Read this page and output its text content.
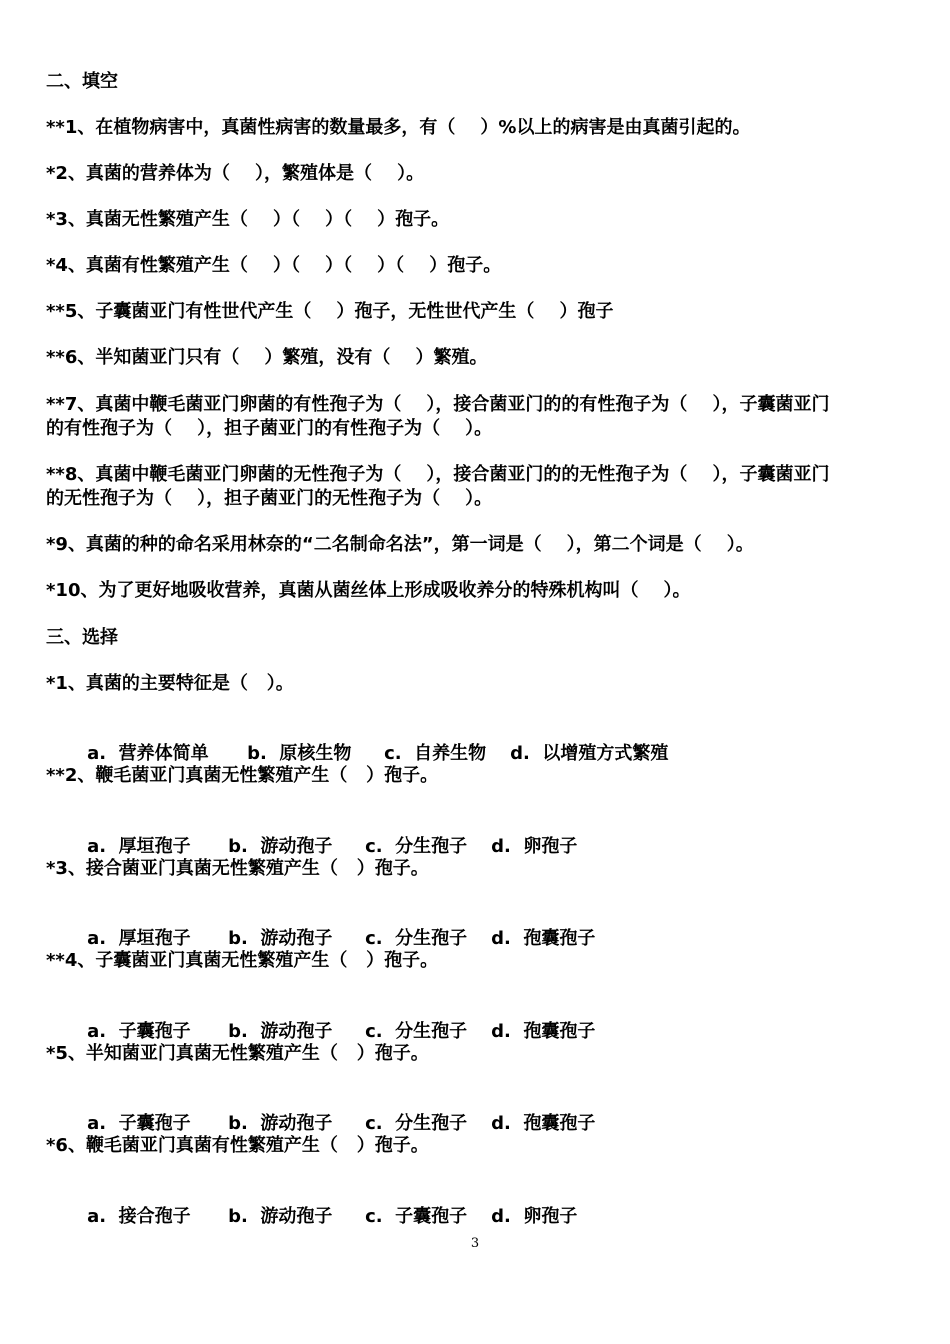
二、填空
**1、在植物病害中，真菌性病害的数量最多，有（    ）%以上的病害是由真菌引起的。
*2、真菌的营养体为（    ），繁殖体是（    ）。
*3、真菌无性繁殖产生（    ）（    ）（    ）孢子。
*4、真菌有性繁殖产生（    ）（    ）（    ）（    ）孢子。
**5、子囊菌亚门有性世代产生（    ）孢子，无性世代产生（    ）孢子
**6、半知菌亚门只有（    ）繁殖，没有（    ）繁殖。
**7、真菌中鞭毛菌亚门卵菌的有性孢子为（    ），接合菌亚门的的有性孢子为（    ），子囊菌亚门
的有性孢子为（    ），担子菌亚门的有性孢子为（    ）。
**8、真菌中鞭毛菌亚门卵菌的无性孢子为（    ），接合菌亚门的的无性孢子为（    ），子囊菌亚门
的无性孢子为（    ），担子菌亚门的无性孢子为（    ）。
*9、真菌的种的命名采用林奈的“二名制命名法”，第一词是（    ），第二个词是（    ）。
*10、为了更好地吸收营养，真菌从菌丝体上形成吸收养分的特殊机构叫（    ）。
三、选择
*1、真菌的主要特征是（   ）。

a.  营养体简单 b.  原核生物 c.  自养生物 d.  以增殖方式繁殖

**2、鞭毛菌亚门真菌无性繁殖产生（   ）孢子。

a.  厚垣孢子 b.  游动孢子 c.  分生孢子 d.  卵孢子

*3、接合菌亚门真菌无性繁殖产生（   ）孢子。

a.  厚垣孢子 b.  游动孢子 c.  分生孢子 d.  孢囊孢子

**4、子囊菌亚门真菌无性繁殖产生（   ）孢子。

a.  子囊孢子 b.  游动孢子 c.  分生孢子 d.  孢囊孢子

*5、半知菌亚门真菌无性繁殖产生（   ）孢子。

a.  子囊孢子 b.  游动孢子 c.  分生孢子 d.  孢囊孢子

*6、鞭毛菌亚门真菌有性繁殖产生（   ）孢子。

a.  接合孢子 b.  游动孢子 c.  子囊孢子 d.  卵孢子

3
